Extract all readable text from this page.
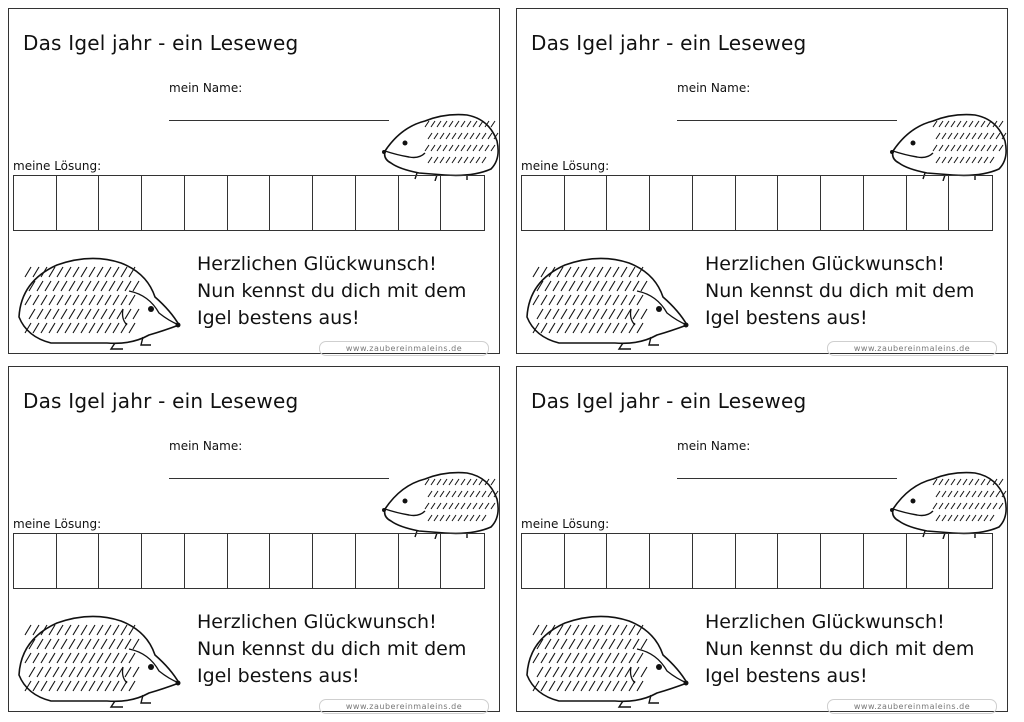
Das Igel jahr - ein Leseweg
mein Name:
meine Lösung:
Herzlichen Glückwunsch!
Nun kennst du dich mit dem
Igel bestens aus!
www.zaubereinmaleins.de
Das Igel jahr - ein Leseweg
mein Name:
meine Lösung:
Herzlichen Glückwunsch!
Nun kennst du dich mit dem
Igel bestens aus!
www.zaubereinmaleins.de
Das Igel jahr - ein Leseweg
mein Name:
meine Lösung:
Herzlichen Glückwunsch!
Nun kennst du dich mit dem
Igel bestens aus!
www.zaubereinmaleins.de
Das Igel jahr - ein Leseweg
mein Name:
meine Lösung:
Herzlichen Glückwunsch!
Nun kennst du dich mit dem
Igel bestens aus!
www.zaubereinmaleins.de
